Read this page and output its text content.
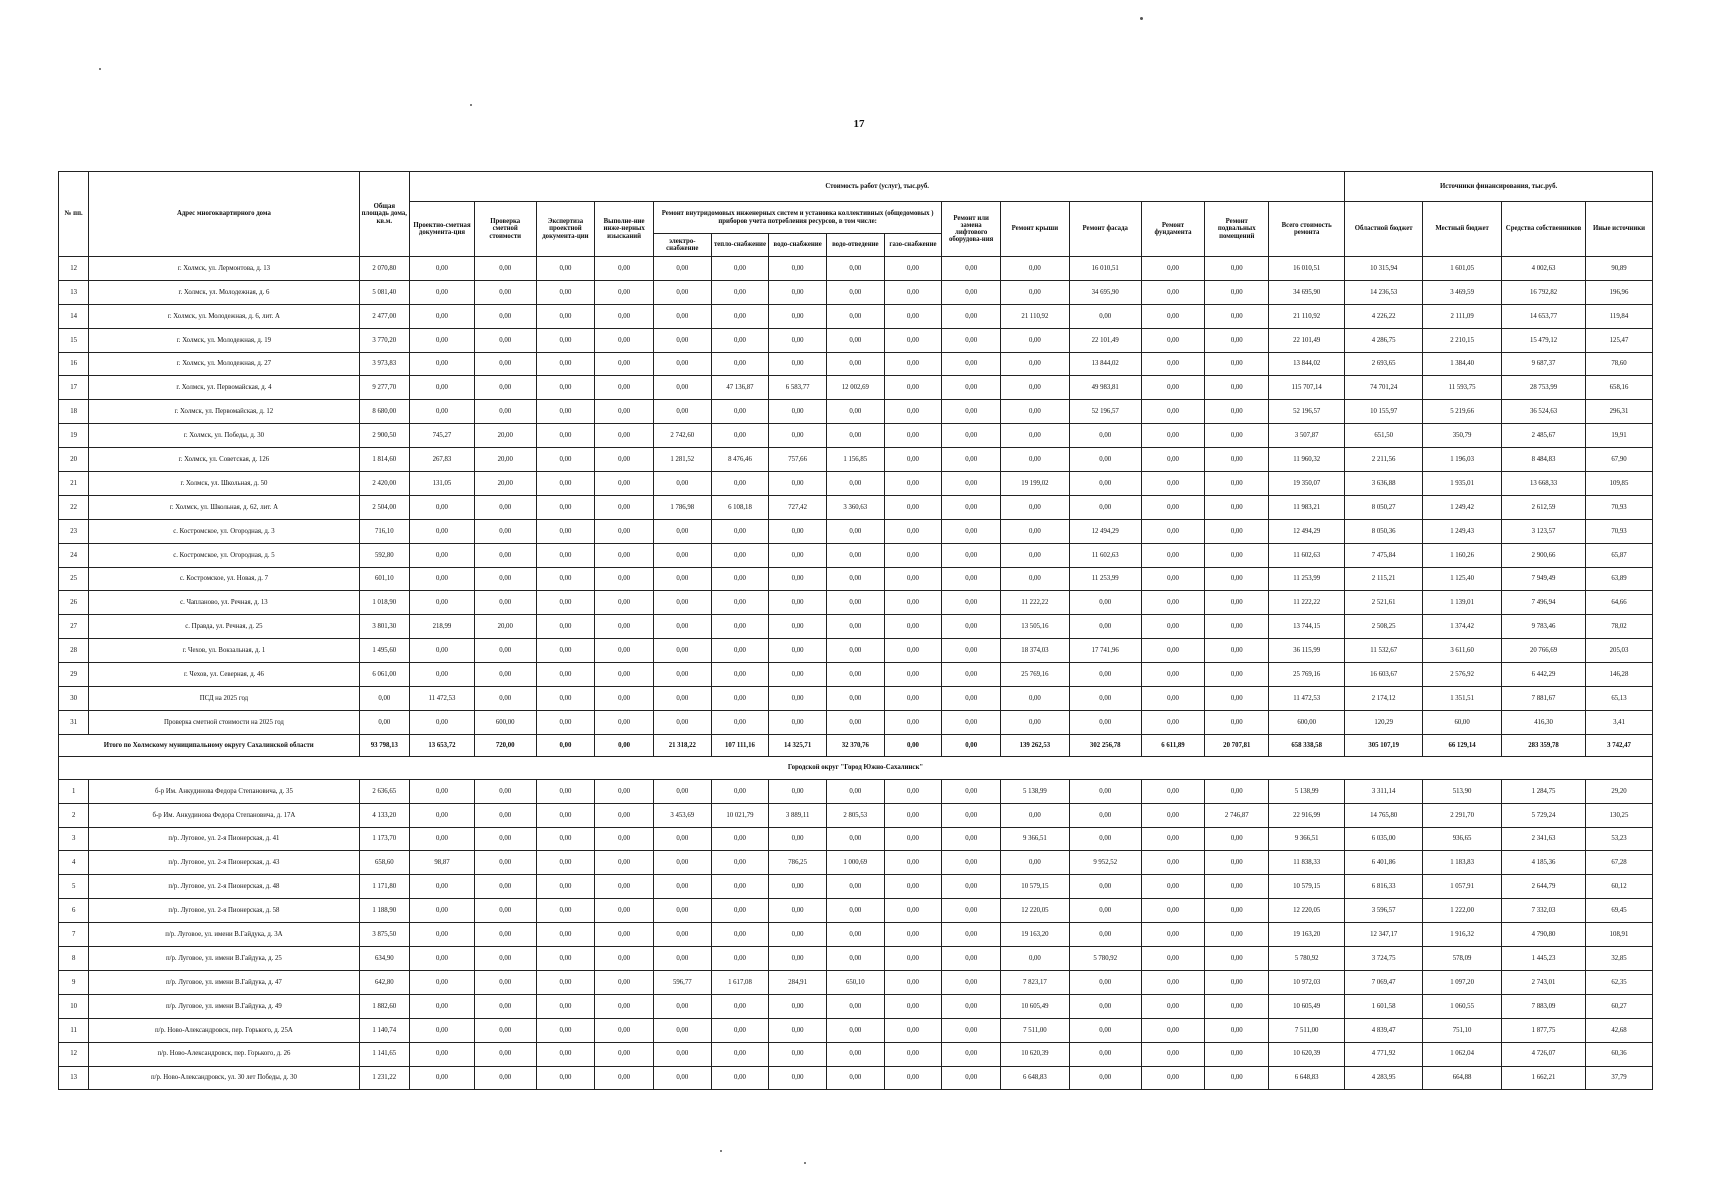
17
№ пп.	Адрес многоквартирного дома	Общая площадь дома, кв.м.	Стоимость работ (услуг), тыс.руб.															Источники финансирования, тыс.руб.			
			Проектно-сметная документа-ция	Проверка сметной стоимости	Экспертиза проектной документа-ции	Выполне-ние инже-нерных изысканий	Ремонт внутридомовых инженерных систем и установка коллективных (общедомовых ) приборов учета потребления ресурсов, в том числе:					Ремонт или замена лифтового оборудова-ния	Ремонт крыши	Ремонт фасада	Ремонт фундамента	Ремонт подвальных помещений	Всего стоимость ремонта	Областной бюджет	Местный бюджет	Средства собственников	Иные источники
							электро-снабжение	тепло-снабжение	водо-снабжение	водо-отведение	газо-снабжение										
12	г. Холмск, ул. Лермонтова, д. 13	2 070,80	0,00	0,00	0,00	0,00	0,00	0,00	0,00	0,00	0,00	0,00	0,00	16 010,51	0,00	0,00	16 010,51	10 315,94	1 601,05	4 002,63	90,89
13	г. Холмск, ул. Молодежная, д. 6	5 081,40	0,00	0,00	0,00	0,00	0,00	0,00	0,00	0,00	0,00	0,00	0,00	34 695,90	0,00	0,00	34 695,90	14 236,53	3 469,59	16 792,82	196,96
14	г. Холмск, ул. Молодежная, д. 6, лит. А	2 477,00	0,00	0,00	0,00	0,00	0,00	0,00	0,00	0,00	0,00	0,00	21 110,92	0,00	0,00	0,00	21 110,92	4 226,22	2 111,09	14 653,77	119,84
15	г. Холмск, ул. Молодежная, д. 19	3 770,20	0,00	0,00	0,00	0,00	0,00	0,00	0,00	0,00	0,00	0,00	0,00	22 101,49	0,00	0,00	22 101,49	4 286,75	2 210,15	15 479,12	125,47
16	г. Холмск, ул. Молодежная, д. 27	3 973,83	0,00	0,00	0,00	0,00	0,00	0,00	0,00	0,00	0,00	0,00	0,00	13 844,02	0,00	0,00	13 844,02	2 693,65	1 384,40	9 687,37	78,60
17	г. Холмск, ул. Первомайская, д. 4	9 277,70	0,00	0,00	0,00	0,00	0,00	47 136,87	6 583,77	12 002,69	0,00	0,00	0,00	49 983,81	0,00	0,00	115 707,14	74 701,24	11 593,75	28 753,99	658,16
18	г. Холмск, ул. Первомайская, д. 12	8 680,00	0,00	0,00	0,00	0,00	0,00	0,00	0,00	0,00	0,00	0,00	0,00	52 196,57	0,00	0,00	52 196,57	10 155,97	5 219,66	36 524,63	296,31
19	г. Холмск, ул. Победы, д. 30	2 900,50	745,27	20,00	0,00	0,00	2 742,60	0,00	0,00	0,00	0,00	0,00	0,00	0,00	0,00	0,00	3 507,87	651,50	350,79	2 485,67	19,91
20	г. Холмск, ул. Советская, д. 126	1 814,60	267,83	20,00	0,00	0,00	1 281,52	8 476,46	757,66	1 156,85	0,00	0,00	0,00	0,00	0,00	0,00	11 960,32	2 211,56	1 196,03	8 484,83	67,90
21	г. Холмск, ул. Школьная, д. 50	2 420,00	131,05	20,00	0,00	0,00	0,00	0,00	0,00	0,00	0,00	0,00	19 199,02	0,00	0,00	0,00	19 350,07	3 636,88	1 935,01	13 668,33	109,85
22	г. Холмск, ул. Школьная, д. 62, лит. А	2 504,00	0,00	0,00	0,00	0,00	1 786,98	6 108,18	727,42	3 360,63	0,00	0,00	0,00	0,00	0,00	0,00	11 983,21	8 050,27	1 249,42	2 612,59	70,93
23	с. Костромское, ул. Огородная, д. 3	716,10	0,00	0,00	0,00	0,00	0,00	0,00	0,00	0,00	0,00	0,00	0,00	12 494,29	0,00	0,00	12 494,29	8 050,36	1 249,43	3 123,57	70,93
24	с. Костромское, ул. Огородная, д. 5	592,80	0,00	0,00	0,00	0,00	0,00	0,00	0,00	0,00	0,00	0,00	0,00	11 602,63	0,00	0,00	11 602,63	7 475,84	1 160,26	2 900,66	65,87
25	с. Костромское, ул. Новая, д. 7	601,10	0,00	0,00	0,00	0,00	0,00	0,00	0,00	0,00	0,00	0,00	0,00	11 253,99	0,00	0,00	11 253,99	2 115,21	1 125,40	7 949,49	63,89
26	с. Чаплановo, ул. Речная, д. 13	1 018,90	0,00	0,00	0,00	0,00	0,00	0,00	0,00	0,00	0,00	0,00	11 222,22	0,00	0,00	0,00	11 222,22	2 521,61	1 139,01	7 496,94	64,66
27	с. Правда, ул. Речная, д. 25	3 801,30	218,99	20,00	0,00	0,00	0,00	0,00	0,00	0,00	0,00	0,00	13 505,16	0,00	0,00	0,00	13 744,15	2 508,25	1 374,42	9 783,46	78,02
28	г. Чехов, ул. Вокзальная, д. 1	1 495,60	0,00	0,00	0,00	0,00	0,00	0,00	0,00	0,00	0,00	0,00	18 374,03	17 741,96	0,00	0,00	36 115,99	11 532,67	3 611,60	20 766,69	205,03
29	г. Чехов, ул. Северная, д. 46	6 061,00	0,00	0,00	0,00	0,00	0,00	0,00	0,00	0,00	0,00	0,00	25 769,16	0,00	0,00	0,00	25 769,16	16 603,67	2 576,92	6 442,29	146,28
30	ПСД на 2025 год	0,00	11 472,53	0,00	0,00	0,00	0,00	0,00	0,00	0,00	0,00	0,00	0,00	0,00	0,00	0,00	11 472,53	2 174,12	1 351,51	7 881,67	65,13
31	Проверка сметной стоимости на 2025 год	0,00	0,00	600,00	0,00	0,00	0,00	0,00	0,00	0,00	0,00	0,00	0,00	0,00	0,00	0,00	600,00	120,29	60,00	416,30	3,41
Итого по Холмскому муниципальному округу Сахалинской области		93 798,13	13 653,72	720,00	0,00	0,00	21 318,22	107 111,16	14 325,71	32 370,76	0,00	0,00	139 262,53	302 256,78	6 611,89	20 707,81	658 338,58	305 107,19	66 129,14	283 359,78	3 742,47
Городской округ "Город Южно-Сахалинск"																					
1	б-р Им. Анкудинова Федора Степановича, д. 35	2 636,65	0,00	0,00	0,00	0,00	0,00	0,00	0,00	0,00	0,00	0,00	5 138,99	0,00	0,00	0,00	5 138,99	3 311,14	513,90	1 284,75	29,20
2	б-р Им. Анкудинова Федора Степановича, д. 17А	4 133,20	0,00	0,00	0,00	0,00	3 453,69	10 021,79	3 889,11	2 805,53	0,00	0,00	0,00	0,00	0,00	2 746,87	22 916,99	14 765,80	2 291,70	5 729,24	130,25
3	п/р. Луговое, ул. 2-я Пионерская, д. 41	1 173,70	0,00	0,00	0,00	0,00	0,00	0,00	0,00	0,00	0,00	0,00	9 366,51	0,00	0,00	0,00	9 366,51	6 035,00	936,65	2 341,63	53,23
4	п/р. Луговое, ул. 2-я Пионерская, д. 43	658,60	98,87	0,00	0,00	0,00	0,00	0,00	786,25	1 000,69	0,00	0,00	0,00	9 952,52	0,00	0,00	11 838,33	6 401,86	1 183,83	4 185,36	67,28
5	п/р. Луговое, ул. 2-я Пионерская, д. 48	1 171,80	0,00	0,00	0,00	0,00	0,00	0,00	0,00	0,00	0,00	0,00	10 579,15	0,00	0,00	0,00	10 579,15	6 816,33	1 057,91	2 644,79	60,12
6	п/р. Луговое, ул. 2-я Пионерская, д. 58	1 188,90	0,00	0,00	0,00	0,00	0,00	0,00	0,00	0,00	0,00	0,00	12 220,05	0,00	0,00	0,00	12 220,05	3 596,57	1 222,00	7 332,03	69,45
7	п/р. Луговое, ул. имени В.Гайдука, д. 3А	3 875,50	0,00	0,00	0,00	0,00	0,00	0,00	0,00	0,00	0,00	0,00	19 163,20	0,00	0,00	0,00	19 163,20	12 347,17	1 916,32	4 790,80	108,91
8	п/р. Луговое, ул. имени В.Гайдука, д. 25	634,90	0,00	0,00	0,00	0,00	0,00	0,00	0,00	0,00	0,00	0,00	0,00	5 780,92	0,00	0,00	5 780,92	3 724,75	578,09	1 445,23	32,85
9	п/р. Луговое, ул. имени В.Гайдука, д. 47	642,80	0,00	0,00	0,00	0,00	596,77	1 617,08	284,91	650,10	0,00	0,00	7 823,17	0,00	0,00	0,00	10 972,03	7 069,47	1 097,20	2 743,01	62,35
10	п/р. Луговое, ул. имени В.Гайдука, д. 49	1 882,60	0,00	0,00	0,00	0,00	0,00	0,00	0,00	0,00	0,00	0,00	10 605,49	0,00	0,00	0,00	10 605,49	1 601,58	1 060,55	7 883,09	60,27
11	п/р. Ново-Александровск, пер. Горького, д. 25А	1 140,74	0,00	0,00	0,00	0,00	0,00	0,00	0,00	0,00	0,00	0,00	7 511,00	0,00	0,00	0,00	7 511,00	4 839,47	751,10	1 877,75	42,68
12	п/р. Ново-Александровск, пер. Горького, д. 26	1 141,65	0,00	0,00	0,00	0,00	0,00	0,00	0,00	0,00	0,00	0,00	10 620,39	0,00	0,00	0,00	10 620,39	4 771,92	1 062,04	4 726,07	60,36
13	п/р. Ново-Александровск, ул. 30 лет Победы, д. 30	1 231,22	0,00	0,00	0,00	0,00	0,00	0,00	0,00	0,00	0,00	0,00	6 648,83	0,00	0,00	0,00	6 648,83	4 283,95	664,88	1 662,21	37,79
